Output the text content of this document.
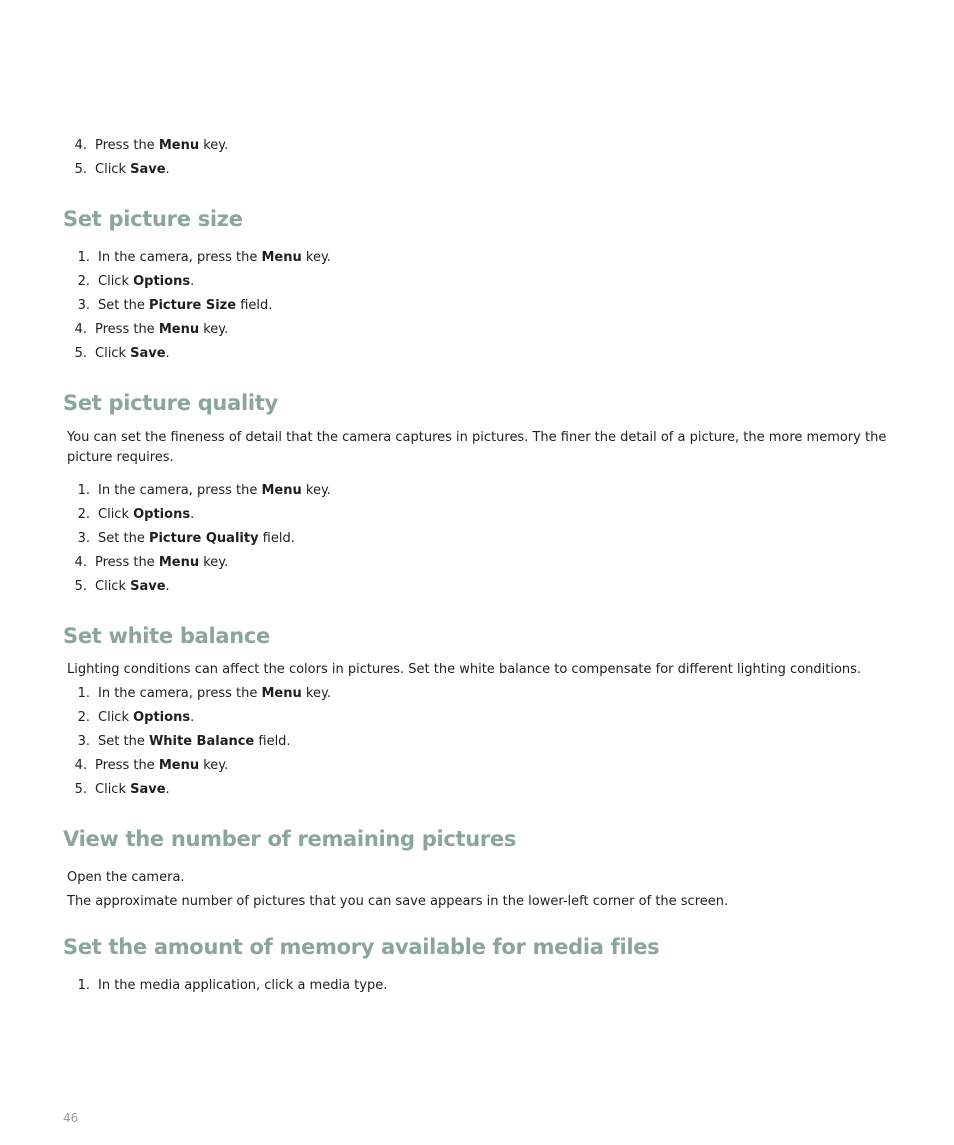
4. Press the Menu key.
5. Click Save.
Set picture size
1. In the camera, press the Menu key.
2. Click Options.
3. Set the Picture Size field.
4. Press the Menu key.
5. Click Save.
Set picture quality
You can set the fineness of detail that the camera captures in pictures. The finer the detail of a picture, the more memory the picture requires.
1. In the camera, press the Menu key.
2. Click Options.
3. Set the Picture Quality field.
4. Press the Menu key.
5. Click Save.
Set white balance
Lighting conditions can affect the colors in pictures. Set the white balance to compensate for different lighting conditions.
1. In the camera, press the Menu key.
2. Click Options.
3. Set the White Balance field.
4. Press the Menu key.
5. Click Save.
View the number of remaining pictures
Open the camera.
The approximate number of pictures that you can save appears in the lower-left corner of the screen.
Set the amount of memory available for media files
1. In the media application, click a media type.
46
